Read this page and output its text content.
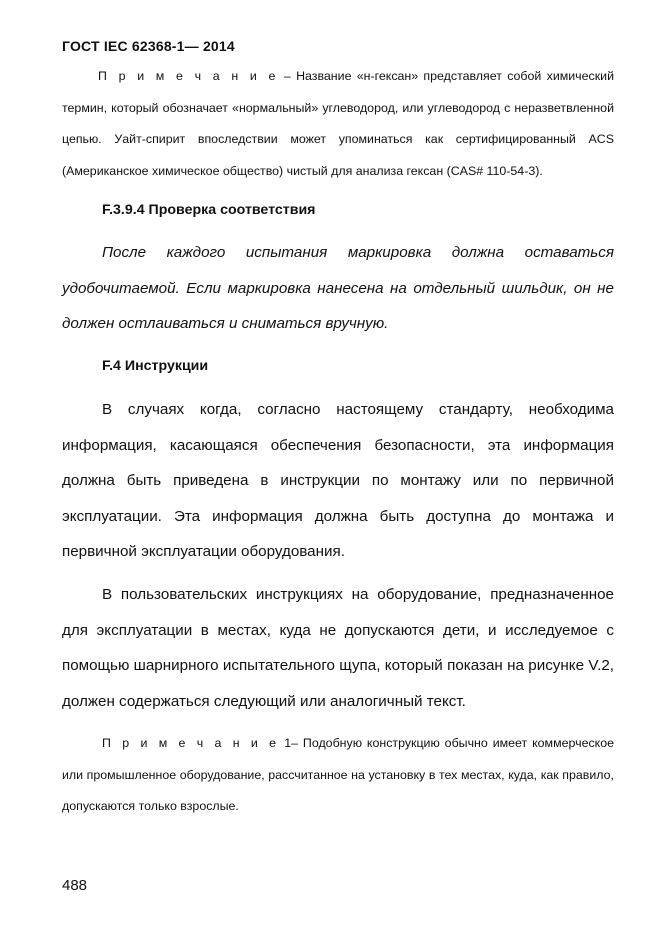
ГОСТ IEC 62368-1— 2014
П р и м е ч а н и е – Название «н-гексан» представляет собой химический термин, который обозначает «нормальный» углеводород, или углеводород с неразветвленной цепью. Уайт-спирит впоследствии может упоминаться как сертифицированный ACS (Американское химическое общество) чистый для анализа гексан (CAS# 110-54-3).
F.3.9.4 Проверка соответствия
После каждого испытания маркировка должна оставаться удобочитаемой. Если маркировка нанесена на отдельный шильдик, он не должен остлаиваться и сниматься вручную.
F.4 Инструкции
В случаях когда, согласно настоящему стандарту, необходима информация, касающаяся обеспечения безопасности, эта информация должна быть приведена в инструкции по монтажу или по первичной эксплуатации. Эта информация должна быть доступна до монтажа и первичной эксплуатации оборудования.
В пользовательских инструкциях на оборудование, предназначенное для эксплуатации в местах, куда не допускаются дети, и исследуемое с помощью шарнирного испытательного щупа, который показан на рисунке V.2, должен содержаться следующий или аналогичный текст.
П р и м е ч а н и е 1– Подобную конструкцию обычно имеет коммерческое или промышленное оборудование, рассчитанное на установку в тех местах, куда, как правило, допускаются только взрослые.
488
